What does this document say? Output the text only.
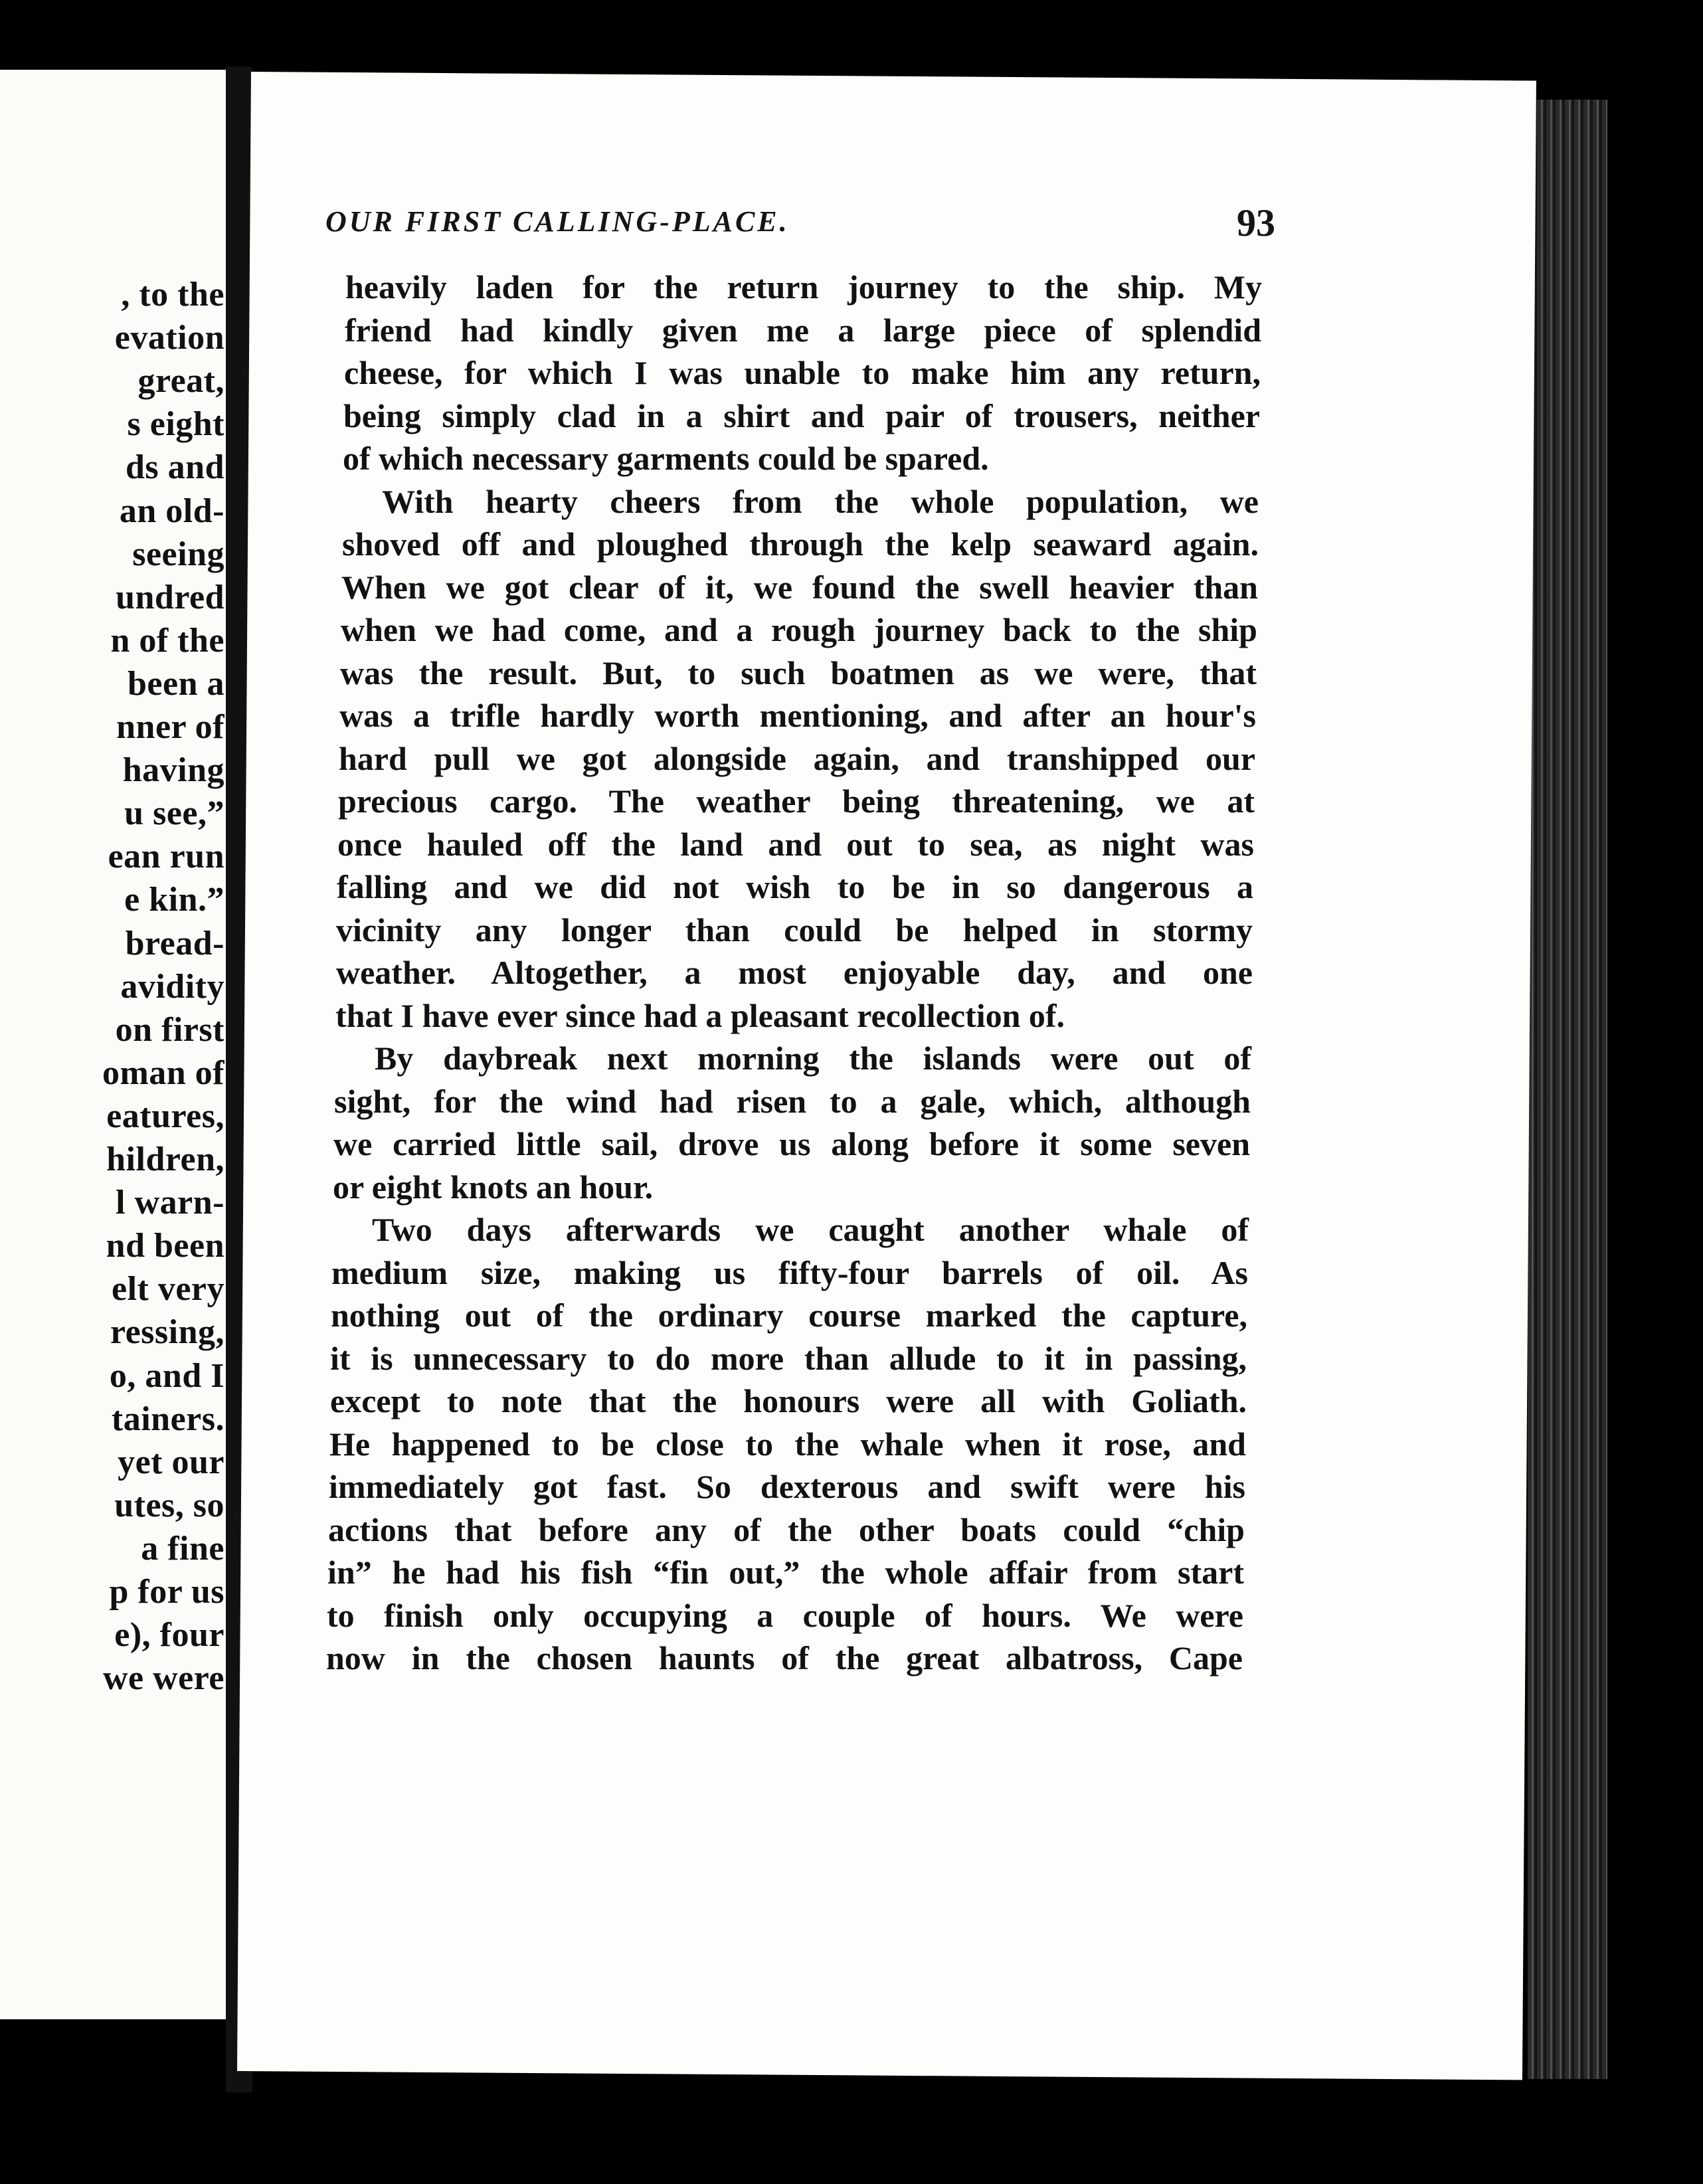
, to the
evation
great,
s eight
ds and
an old-
seeing
undred
n of the
been a
nner of
having
u see,”
ean run
e kin.”
bread-
avidity
on first
oman of
eatures,
hildren,
l warn-
nd been
elt very
ressing,
o, and I
tainers.
yet our
utes, so
a fine
p for us
e), four
we were
OUR FIRST CALLING-PLACE.	93
heavily laden for the return journey to the ship. My
friend had kindly given me a large piece of splendid
cheese, for which I was unable to make him any return,
being simply clad in a shirt and pair of trousers, neither
of which necessary garments could be spared.
With hearty cheers from the whole population, we
shoved off and ploughed through the kelp seaward again.
When we got clear of it, we found the swell heavier than
when we had come, and a rough journey back to the ship
was the result. But, to such boatmen as we were, that
was a trifle hardly worth mentioning, and after an hour's
hard pull we got alongside again, and transhipped our
precious cargo. The weather being threatening, we at
once hauled off the land and out to sea, as night was
falling and we did not wish to be in so dangerous a
vicinity any longer than could be helped in stormy
weather. Altogether, a most enjoyable day, and one
that I have ever since had a pleasant recollection of.
By daybreak next morning the islands were out of
sight, for the wind had risen to a gale, which, although
we carried little sail, drove us along before it some seven
or eight knots an hour.
Two days afterwards we caught another whale of
medium size, making us fifty-four barrels of oil. As
nothing out of the ordinary course marked the capture,
it is unnecessary to do more than allude to it in passing,
except to note that the honours were all with Goliath.
He happened to be close to the whale when it rose, and
immediately got fast. So dexterous and swift were his
actions that before any of the other boats could “chip
in” he had his fish “fin out,” the whole affair from start
to finish only occupying a couple of hours. We were
now in the chosen haunts of the great albatross, Cape
